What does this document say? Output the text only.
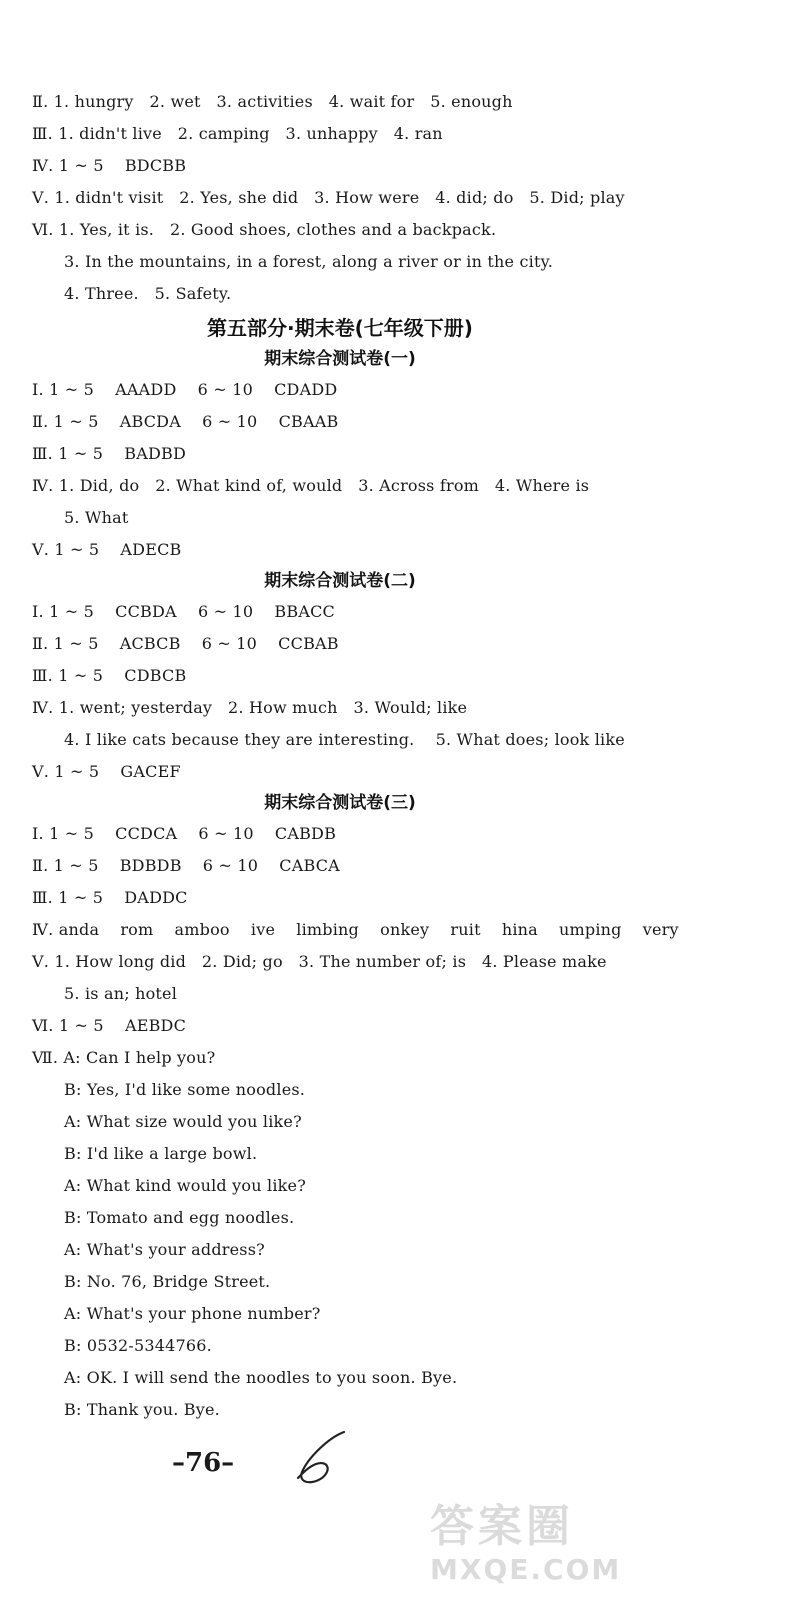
Ⅱ. 1. hungry   2. wet   3. activities   4. wait for   5. enough
Ⅲ. 1. didn't live   2. camping   3. unhappy   4. ran
Ⅳ. 1 ~ 5    BDCBB
Ⅴ. 1. didn't visit   2. Yes, she did   3. How were   4. did; do   5. Did; play
Ⅵ. 1. Yes, it is.   2. Good shoes, clothes and a backpack.
3. In the mountains, in a forest, along a river or in the city.
4. Three.   5. Safety.
第五部分·期末卷(七年级下册)
期末综合测试卷(一)
Ⅰ. 1 ~ 5    AAADD    6 ~ 10    CDADD
Ⅱ. 1 ~ 5    ABCDA    6 ~ 10    CBAAB
Ⅲ. 1 ~ 5    BADBD
Ⅳ. 1. Did, do   2. What kind of, would   3. Across from   4. Where is
5. What
Ⅴ. 1 ~ 5    ADECB
期末综合测试卷(二)
Ⅰ. 1 ~ 5    CCBDA    6 ~ 10    BBACC
Ⅱ. 1 ~ 5    ACBCB    6 ~ 10    CCBAB
Ⅲ. 1 ~ 5    CDBCB
Ⅳ. 1. went; yesterday   2. How much   3. Would; like
4. I like cats because they are interesting.    5. What does; look like
Ⅴ. 1 ~ 5    GACEF
期末综合测试卷(三)
Ⅰ. 1 ~ 5    CCDCA    6 ~ 10    CABDB
Ⅱ. 1 ~ 5    BDBDB    6 ~ 10    CABCA
Ⅲ. 1 ~ 5    DADDC
Ⅳ. anda    rom    amboo    ive    limbing    onkey    ruit    hina    umping    very
Ⅴ. 1. How long did   2. Did; go   3. The number of; is   4. Please make
5. is an; hotel
Ⅵ. 1 ~ 5    AEBDC
Ⅶ. A: Can I help you?
B: Yes, I'd like some noodles.
A: What size would you like?
B: I'd like a large bowl.
A: What kind would you like?
B: Tomato and egg noodles.
A: What's your address?
B: No. 76, Bridge Street.
A: What's your phone number?
B: 0532-5344766.
A: OK. I will send the noodles to you soon. Bye.
B: Thank you. Bye.
–76–
答案圈
MXQE.COM
